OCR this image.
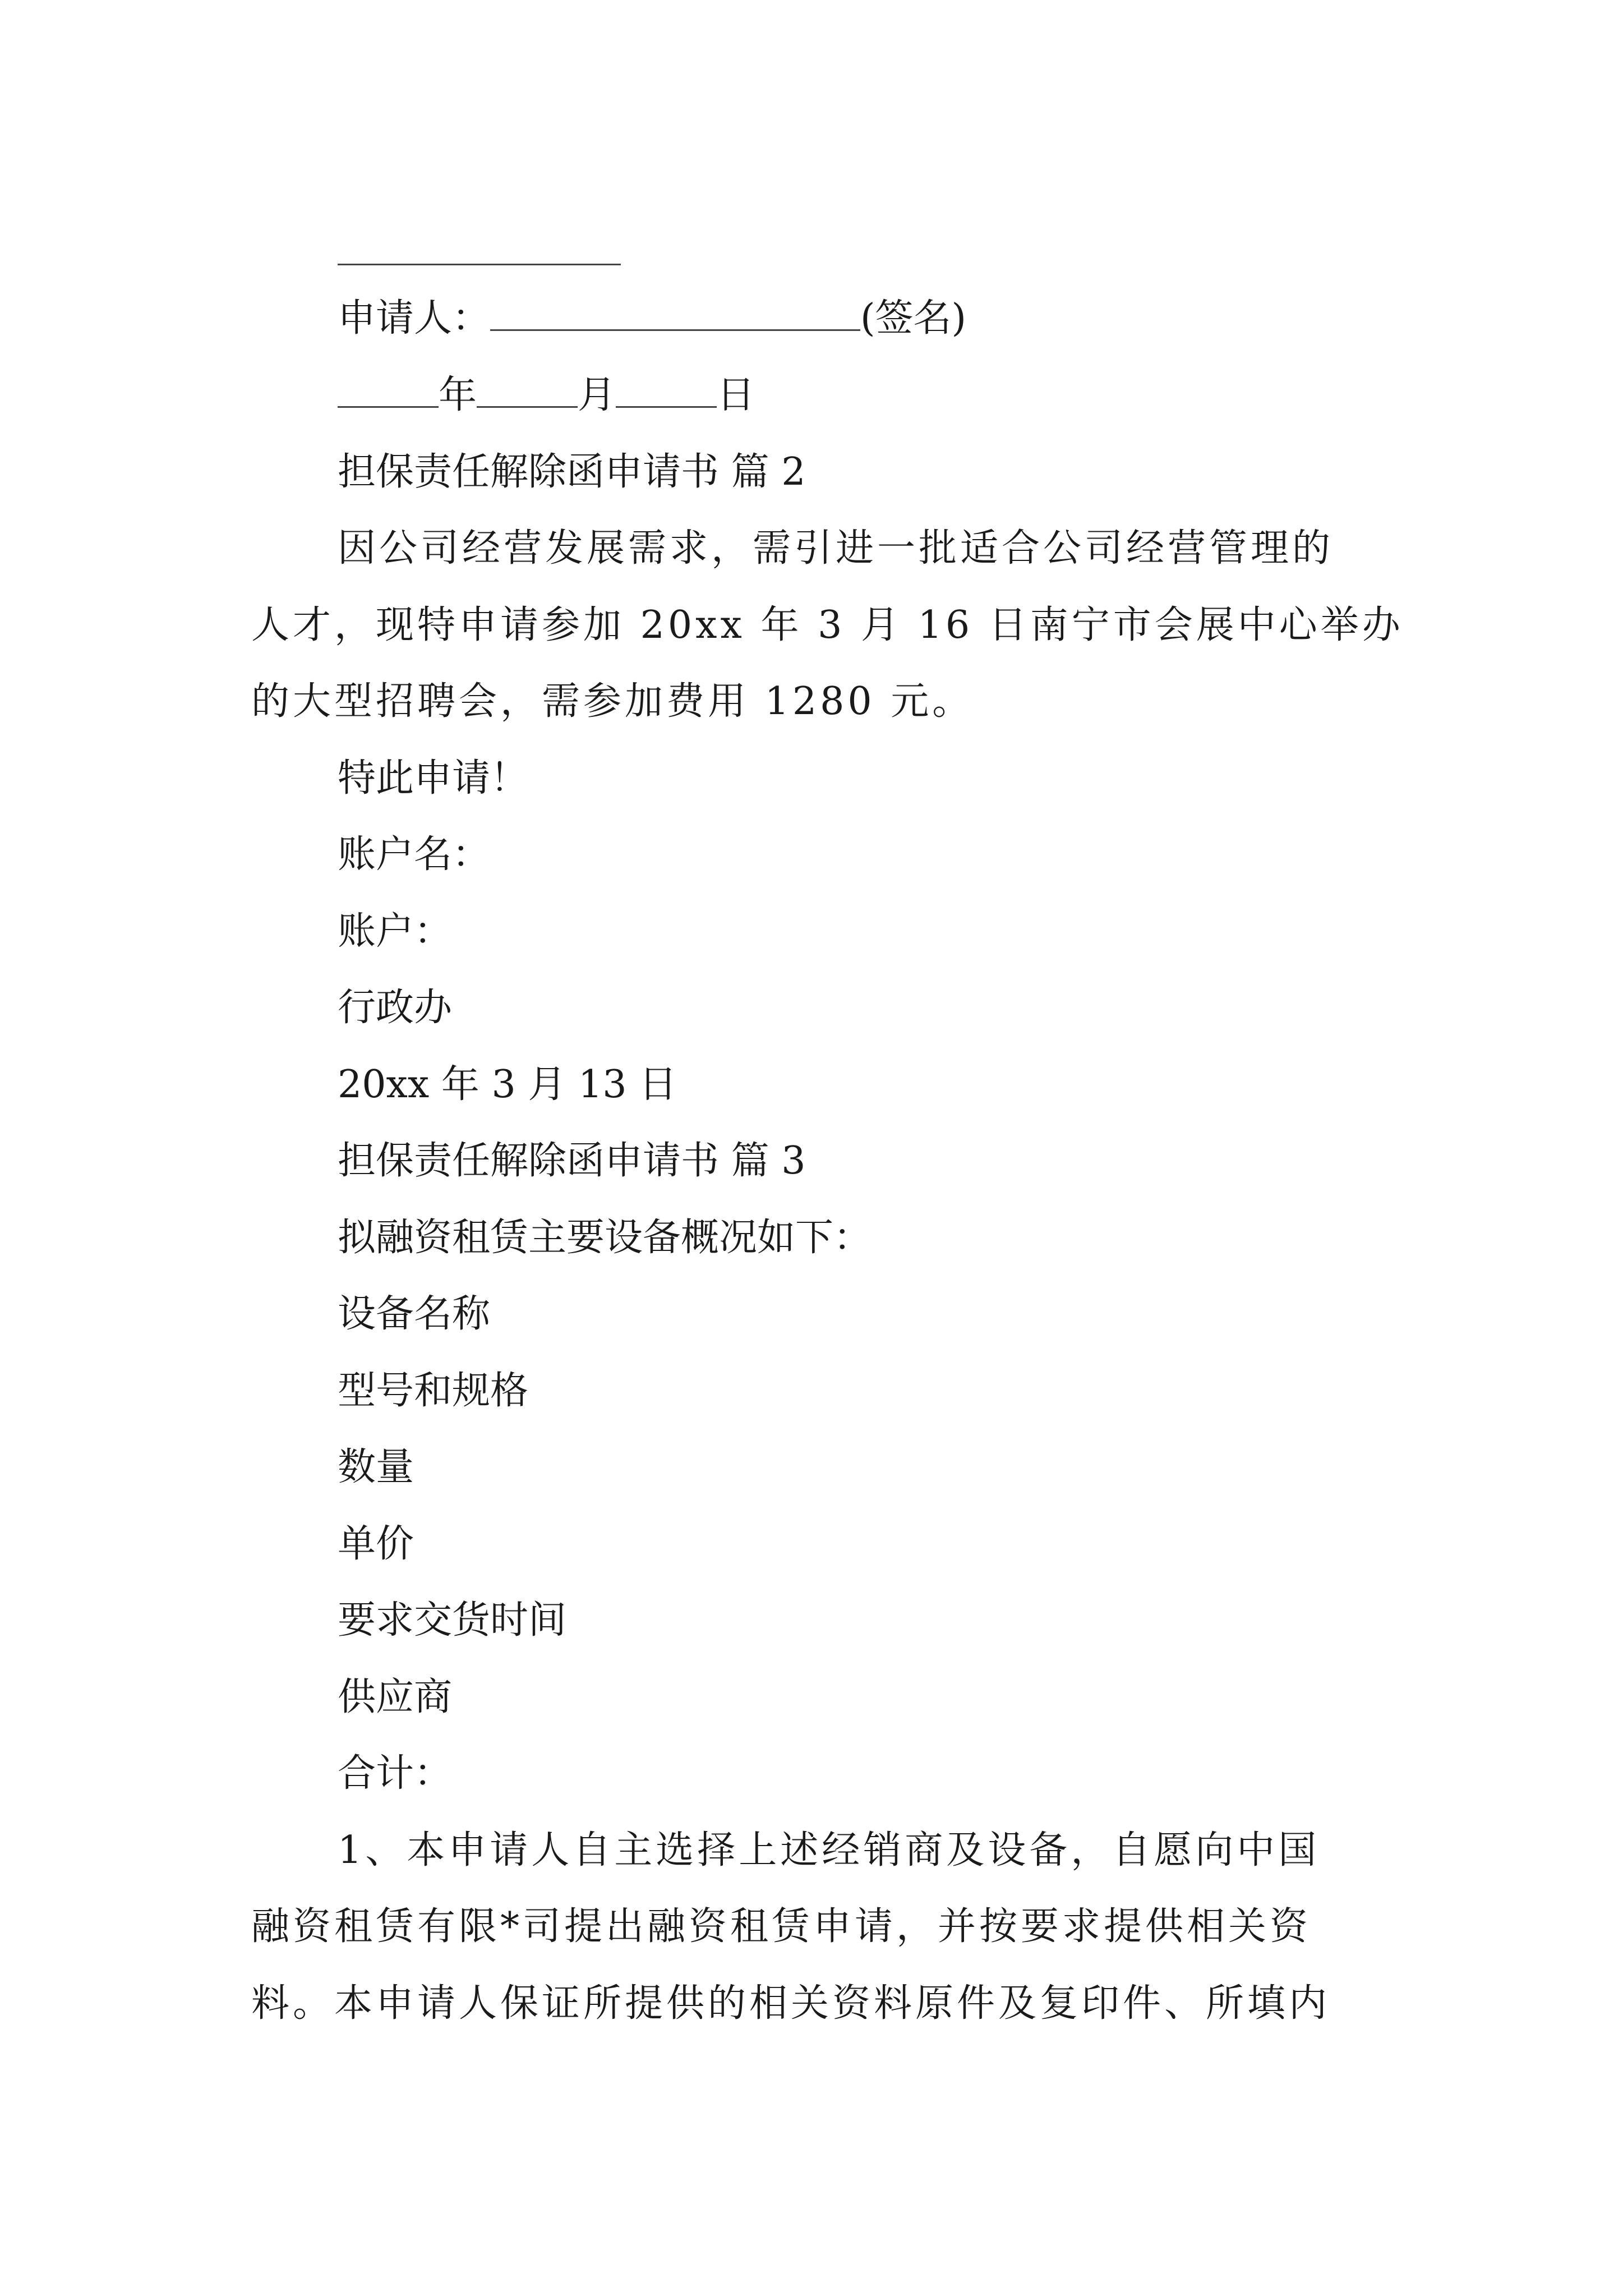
申请人：	(签名)
年	月	日
担保责任解除函申请书 篇 2
因公司经营发展需求，需引进一批适合公司经营管理的
人才，现特申请参加 20xx 年 3 月 16 日南宁市会展中心举办
的大型招聘会，需参加费用 1280 元。
特此申请！
账户名：
账户：
行政办
20xx 年 3 月 13 日
担保责任解除函申请书 篇 3
拟融资租赁主要设备概况如下：
设备名称
型号和规格
数量
单价
要求交货时间
供应商
合计：
1、本申请人自主选择上述经销商及设备，自愿向中国
融资租赁有限*司提出融资租赁申请，并按要求提供相关资
料。本申请人保证所提供的相关资料原件及复印件、所填内
